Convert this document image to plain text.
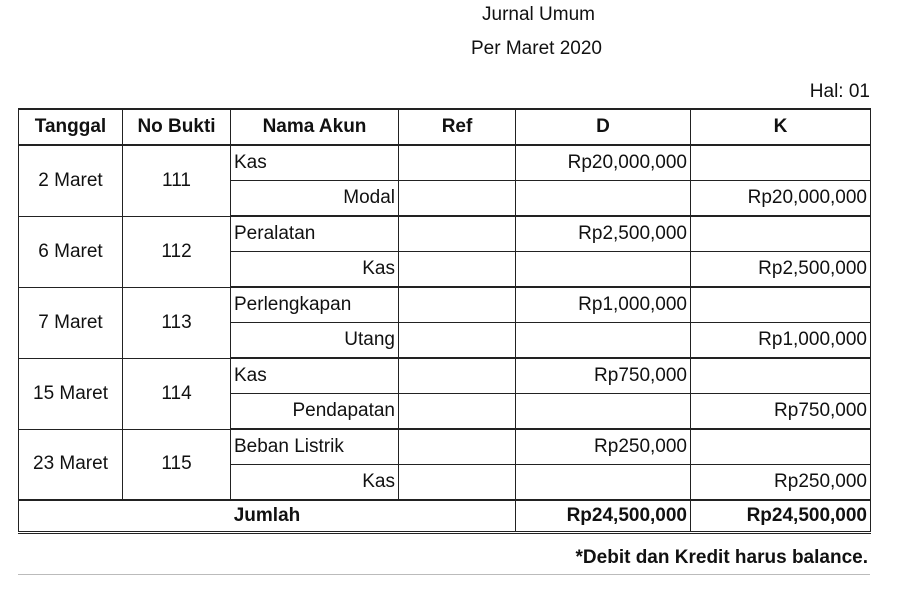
Jurnal Umum
Per Maret 2020
Hal: 01
Tanggal	No Bukti	Nama Akun	Ref	D	K
2 Maret	111	Kas		Rp20,000,000	
		Modal			Rp20,000,000
6 Maret	112	Peralatan		Rp2,500,000	
		Kas			Rp2,500,000
7 Maret	113	Perlengkapan		Rp1,000,000	
		Utang			Rp1,000,000
15 Maret	114	Kas		Rp750,000	
		Pendapatan			Rp750,000
23 Maret	115	Beban Listrik		Rp250,000	
		Kas			Rp250,000
Jumlah				Rp24,500,000	Rp24,500,000
*Debit dan Kredit harus balance.
